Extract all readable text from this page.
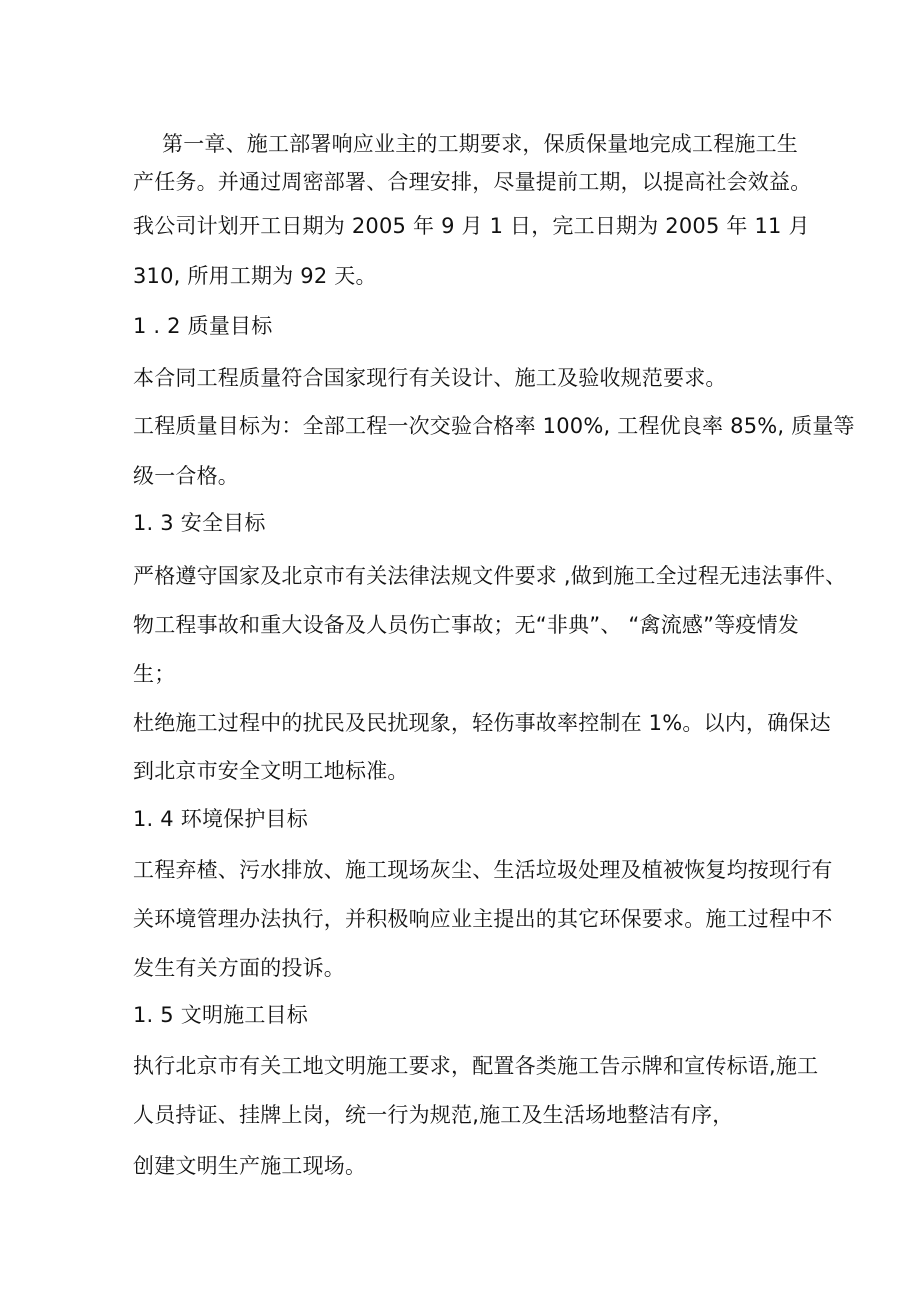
第一章、施工部署响应业主的工期要求，保质保量地完成工程施工生
产任务。并通过周密部署、合理安排，尽量提前工期，以提高社会效益。
我公司计划开工日期为 2005 年 9 月 1 日，完工日期为 2005 年 11 月
310, 所用工期为 92 天。
1 . 2 质量目标
本合同工程质量符合国家现行有关设计、施工及验收规范要求。
工程质量目标为：全部工程一次交验合格率 100%, 工程优良率 85%, 质量等
级一合格。
1. 3 安全目标
严格遵守国家及北京市有关法律法规文件要求 ,做到施工全过程无违法事件、
物工程事故和重大设备及人员伤亡事故；无“非典”、 “禽流感”等疫情发
生；
杜绝施工过程中的扰民及民扰现象，轻伤事故率控制在 1%。以内，确保达
到北京市安全文明工地标准。
1. 4 环境保护目标
工程弃楂、污水排放、施工现场灰尘、生活垃圾处理及植被恢复均按现行有
关环境管理办法执行，并积极响应业主提出的其它环保要求。施工过程中不
发生有关方面的投诉。
1. 5 文明施工目标
执行北京市有关工地文明施工要求，配置各类施工告示牌和宣传标语,施工
人员持证、挂牌上岗，统一行为规范,施工及生活场地整洁有序，
创建文明生产施工现场。
